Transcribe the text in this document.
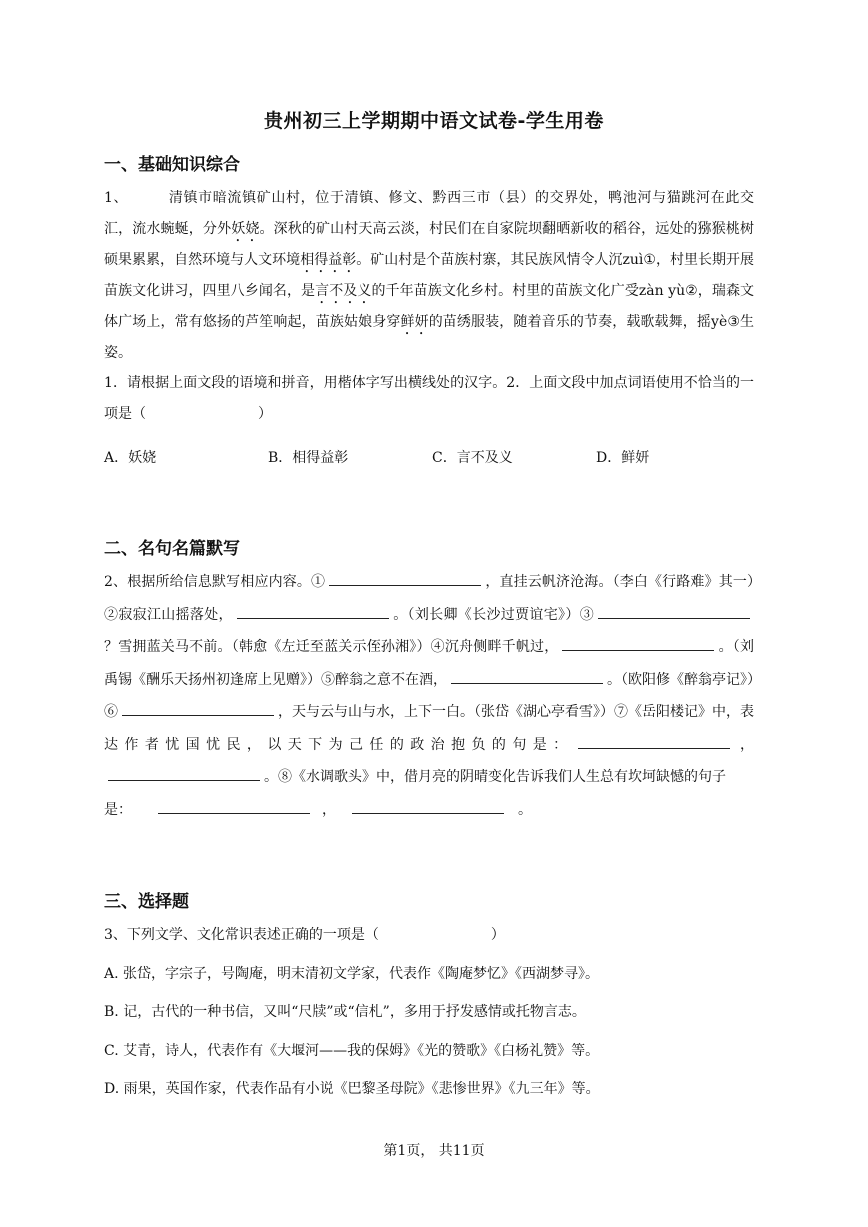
贵州初三上学期期中语文试卷-学生用卷
一、基础知识综合
1、	清镇市暗流镇矿山村，位于清镇、修文、黔西三市（县）的交界处，鸭池河与猫跳河在此交汇，流水蜿蜒，分外妖娆。深秋的矿山村天高云淡，村民们在自家院坝翻晒新收的稻谷，远处的猕猴桃树硕果累累，自然环境与人文环境相得益彰。矿山村是个苗族村寨，其民族风情令人沉zuì①，村里长期开展苗族文化讲习，四里八乡闻名，是言不及义的千年苗族文化乡村。村里的苗族文化广受zàn yù②，瑞森文体广场上，常有悠扬的芦笙响起，苗族姑娘身穿鲜妍的苗绣服装，随着音乐的节奏，载歌载舞，摇yè③生姿。
1．请根据上面文段的语境和拼音，用楷体字写出横线处的汉字。2．上面文段中加点词语使用不恰当的一项是（	）
A．妖娆	B．相得益彰	C．言不及义	D．鲜妍
二、名句名篇默写
2、根据所给信息默写相应内容。①	，直挂云帆济沧海。（李白《行路难》其一）②寂寂江山摇落处，	。（刘长卿《长沙过贾谊宅》）③？雪拥蓝关马不前。（韩愈《左迁至蓝关示侄孙湘》）④沉舟侧畔千帆过，	。（刘禹锡《酬乐天扬州初逢席上见赠》）⑤醉翁之意不在酒，	。（欧阳修《醉翁亭记》）⑥	，天与云与山与水，上下一白。（张岱《湖心亭看雪》）⑦《岳阳楼记》中，表达作者忧国忧民，以天下为己任的政治抱负的句是：	，。⑧《水调歌头》中，借月亮的阴晴变化告诉我们人生总有坎坷缺憾的句子
是：	，	。
三、选择题
3、下列文学、文化常识表述正确的一项是（	）
A. 张岱，字宗子，号陶庵，明末清初文学家，代表作《陶庵梦忆》《西湖梦寻》。
B. 记，古代的一种书信，又叫“尺牍”或“信札”，多用于抒发感情或托物言志。
C. 艾青，诗人，代表作有《大堰河——我的保姆》《光的赞歌》《白杨礼赞》等。
D. 雨果，英国作家，代表作品有小说《巴黎圣母院》《悲惨世界》《九三年》等。
第1页， 共11页
